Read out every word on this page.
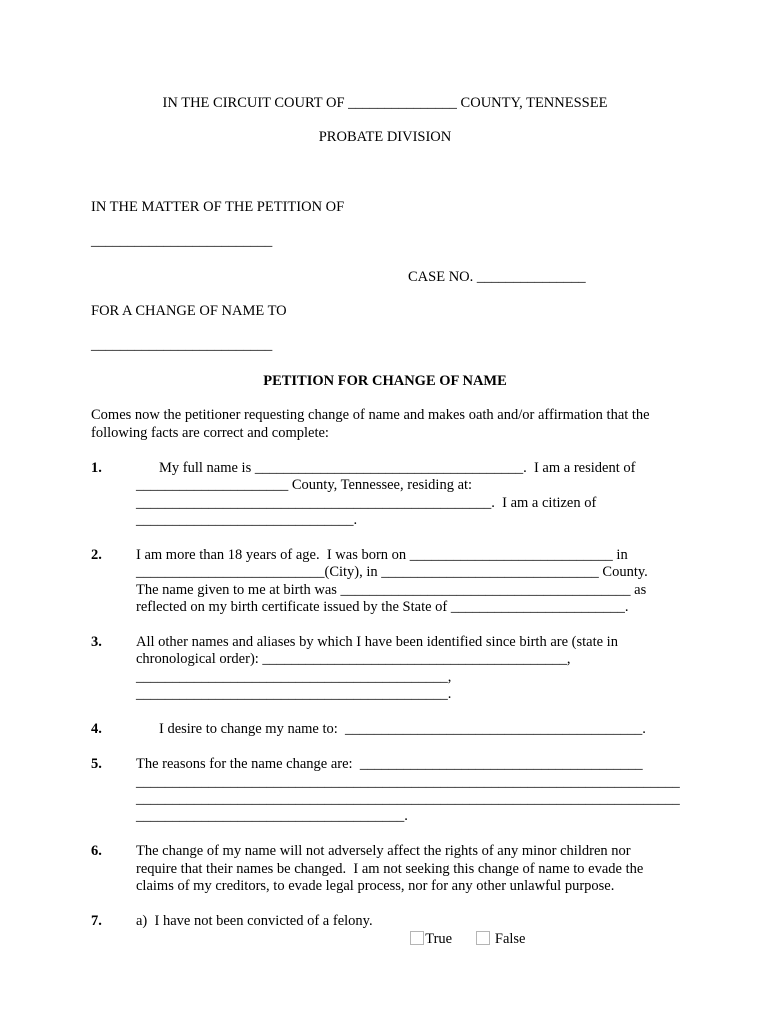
IN THE CIRCUIT COURT OF _______________ COUNTY, TENNESSEE
PROBATE DIVISION
IN THE MATTER OF THE PETITION OF
_________________________
CASE NO. _______________
FOR A CHANGE OF NAME TO
_________________________
PETITION FOR CHANGE OF NAME
Comes now the petitioner requesting change of name and makes oath and/or affirmation that the
following facts are correct and complete:
1.	My full name is _____________________________________.  I am a resident of
_____________________ County, Tennessee, residing at:
_________________________________________________.  I am a citizen of
______________________________.
2. I am more than 18 years of age.  I was born on ____________________________ in
__________________________(City), in ______________________________ County.
The name given to me at birth was ________________________________________ as
reflected on my birth certificate issued by the State of ________________________.
3. All other names and aliases by which I have been identified since birth are (state in
chronological order): __________________________________________,
___________________________________________,
___________________________________________.
4.	I desire to change my name to:  _________________________________________.
5. The reasons for the name change are:  _______________________________________
___________________________________________________________________________
___________________________________________________________________________
_____________________________________.
6. The change of my name will not adversely affect the rights of any minor children nor
require that their names be changed.  I am not seeking this change of name to evade the
claims of my creditors, to evade legal process, nor for any other unlawful purpose.
7. a)  I have not been convicted of a felony.

True	False
